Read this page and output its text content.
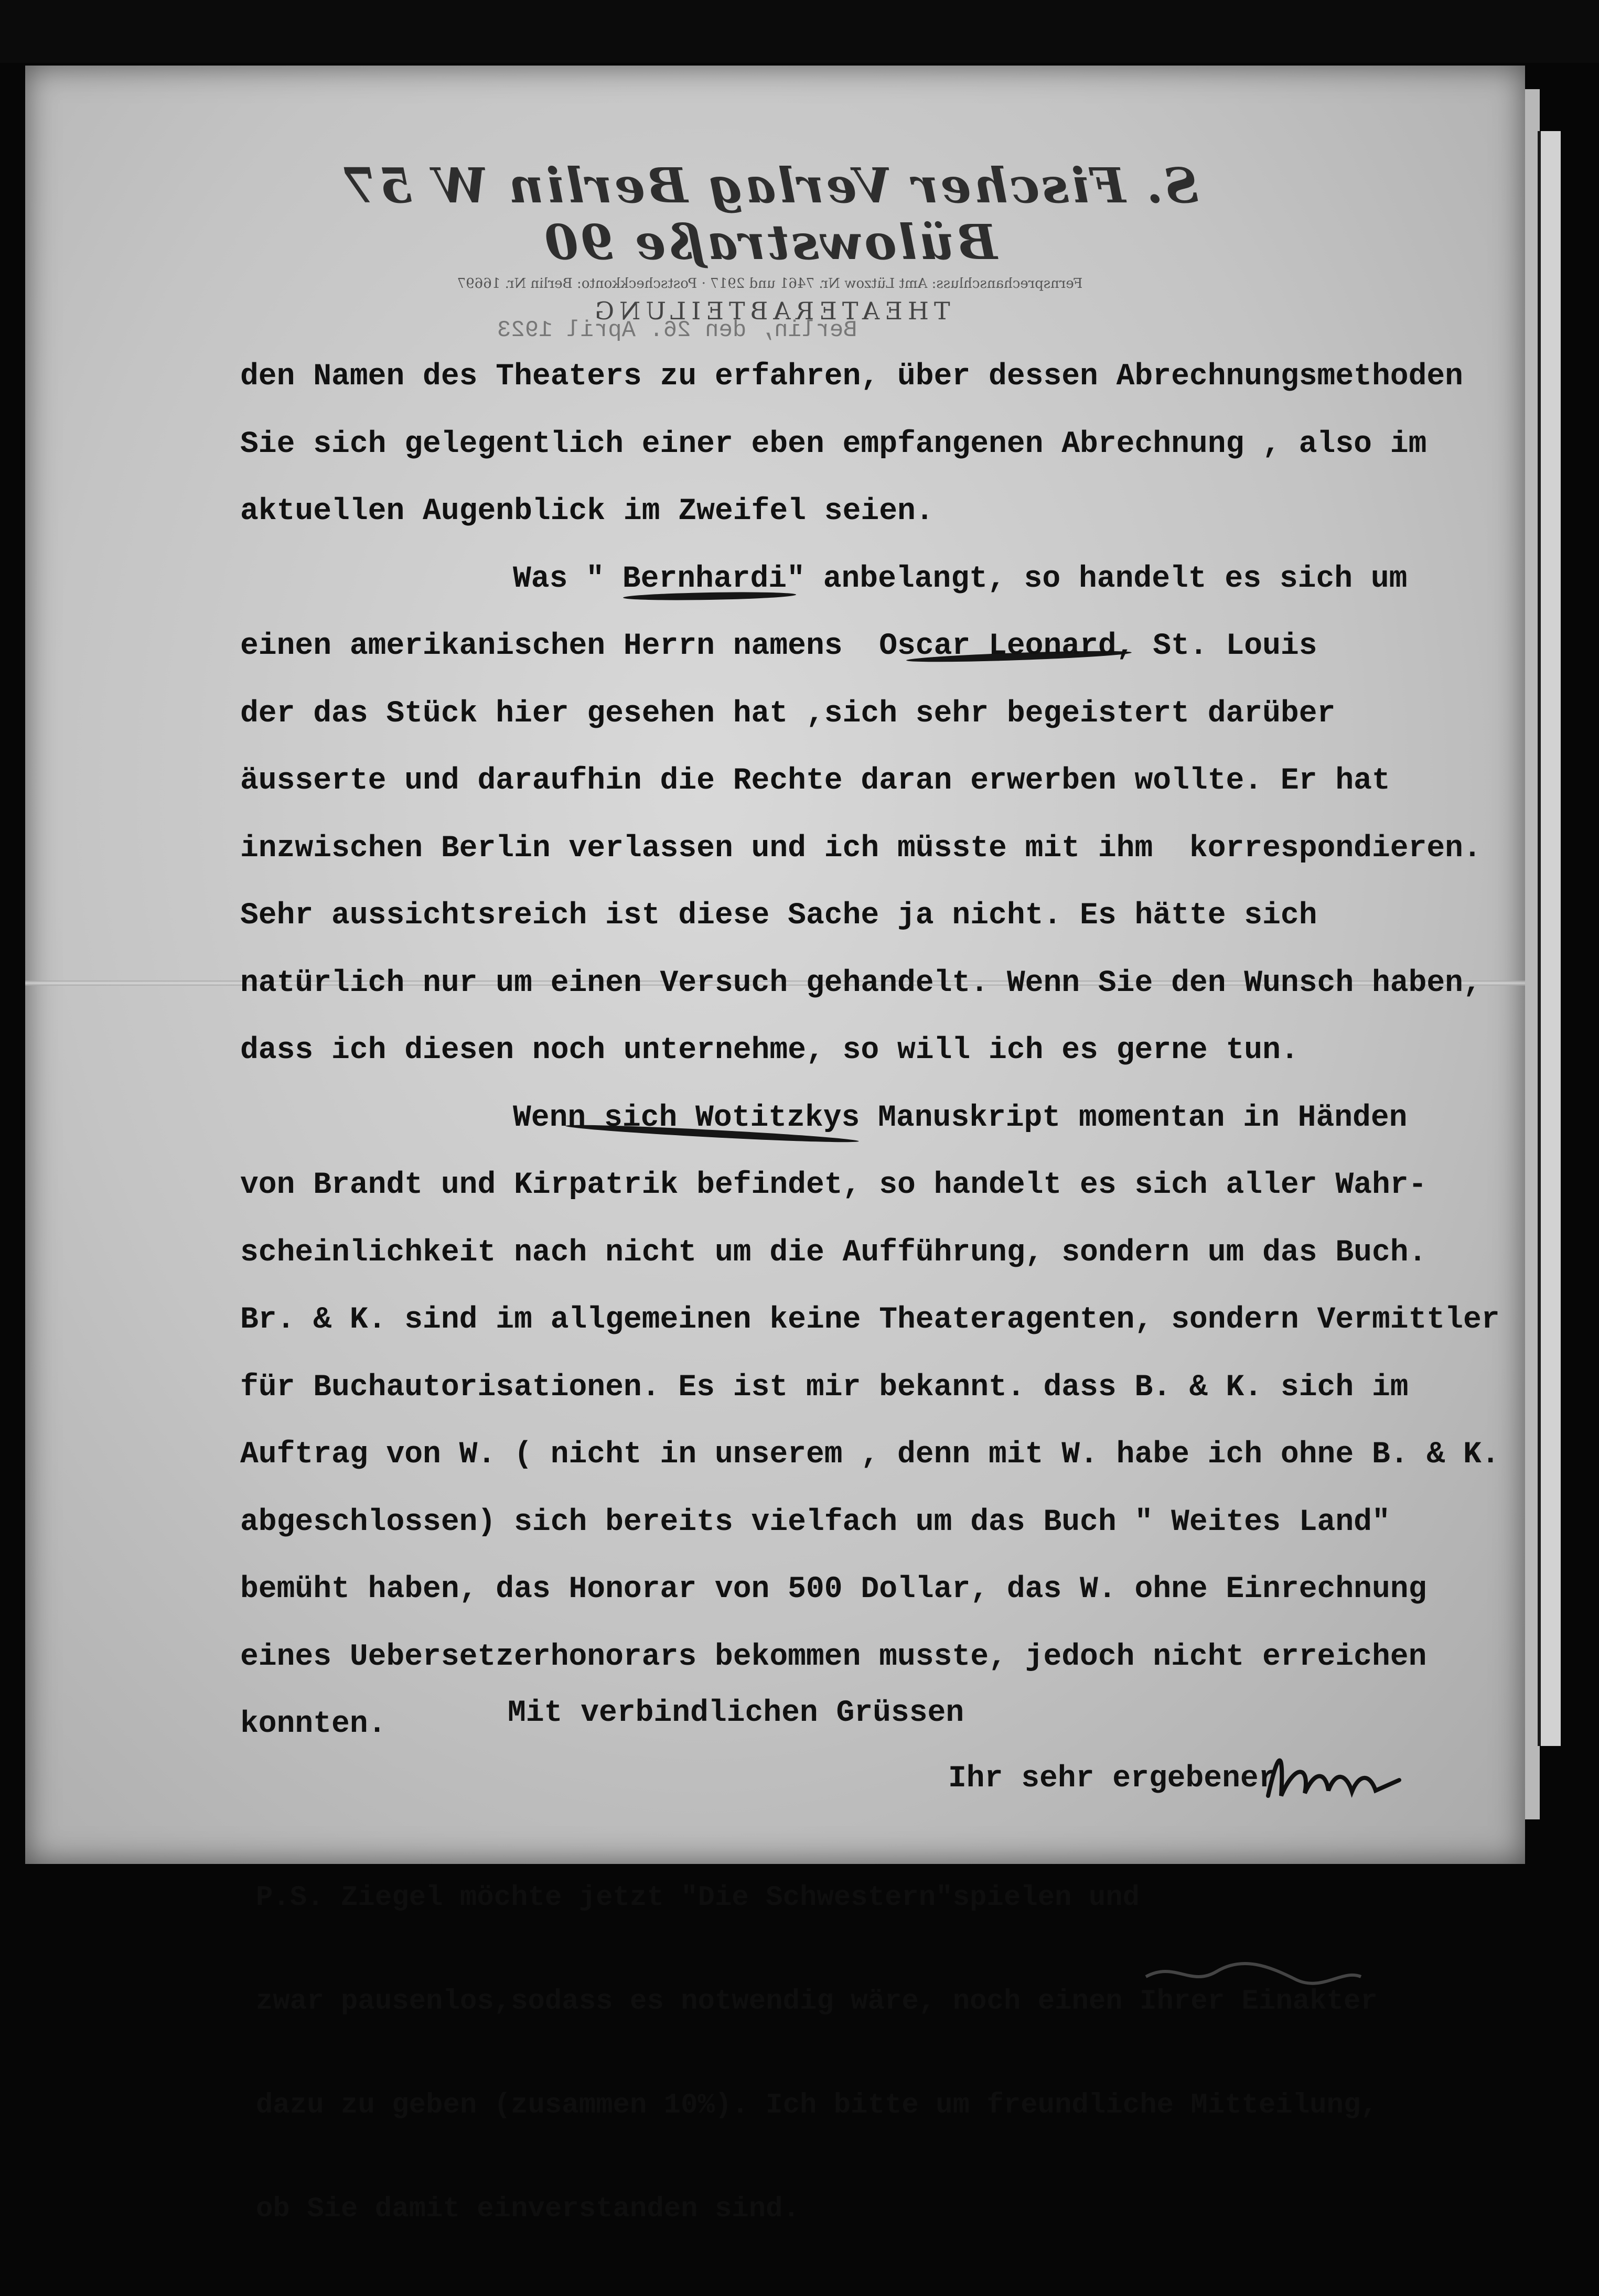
S. Fischer Verlag Berlin W 57 Bülowstraße 90
Fernsprechanschluss: Amt Lützow Nr. 7461 und 2917 · Postscheckkonto: Berlin Nr. 16697
THEATERABTEILUNG
Berlin, den 26. April 1923
den Namen des Theaters zu erfahren, über dessen Abrechnungsmethoden
Sie sich gelegentlich einer eben empfangenen Abrechnung , also im
aktuellen Augenblick im Zweifel seien.
Was " Bernhardi" anbelangt, so handelt es sich um
einen amerikanischen Herrn namens  Oscar Leonard, St. Louis
der das Stück hier gesehen hat ,sich sehr begeistert darüber
äusserte und daraufhin die Rechte daran erwerben wollte. Er hat
inzwischen Berlin verlassen und ich müsste mit ihm  korrespondieren.
Sehr aussichtsreich ist diese Sache ja nicht. Es hätte sich
natürlich nur um einen Versuch gehandelt. Wenn Sie den Wunsch haben,
dass ich diesen noch unternehme, so will ich es gerne tun.
Wenn sich Wotitzkys Manuskript momentan in Händen
von Brandt und Kirpatrik befindet, so handelt es sich aller Wahr-
scheinlichkeit nach nicht um die Aufführung, sondern um das Buch.
Br. & K. sind im allgemeinen keine Theateragenten, sondern Vermittler
für Buchautorisationen. Es ist mir bekannt. dass B. & K. sich im
Auftrag von W. ( nicht in unserem , denn mit W. habe ich ohne B. & K.
abgeschlossen) sich bereits vielfach um das Buch " Weites Land"
bemüht haben, das Honorar von 500 Dollar, das W. ohne Einrechnung
eines Uebersetzerhonorars bekommen musste, jedoch nicht erreichen
konnten.	Mit verbindlichen Grüssen
Ihr sehr ergebener

P.S. Ziegel möchte jetzt "Die Schwestern"spielen und

zwar pausenlos,sodass es notwendig wäre, noch einen Ihrer Einakter

dazu zu geben (zusammen 10%). Ich bitte um freundliche Mitteilung,

ob Sie damit einverstanden sind.
